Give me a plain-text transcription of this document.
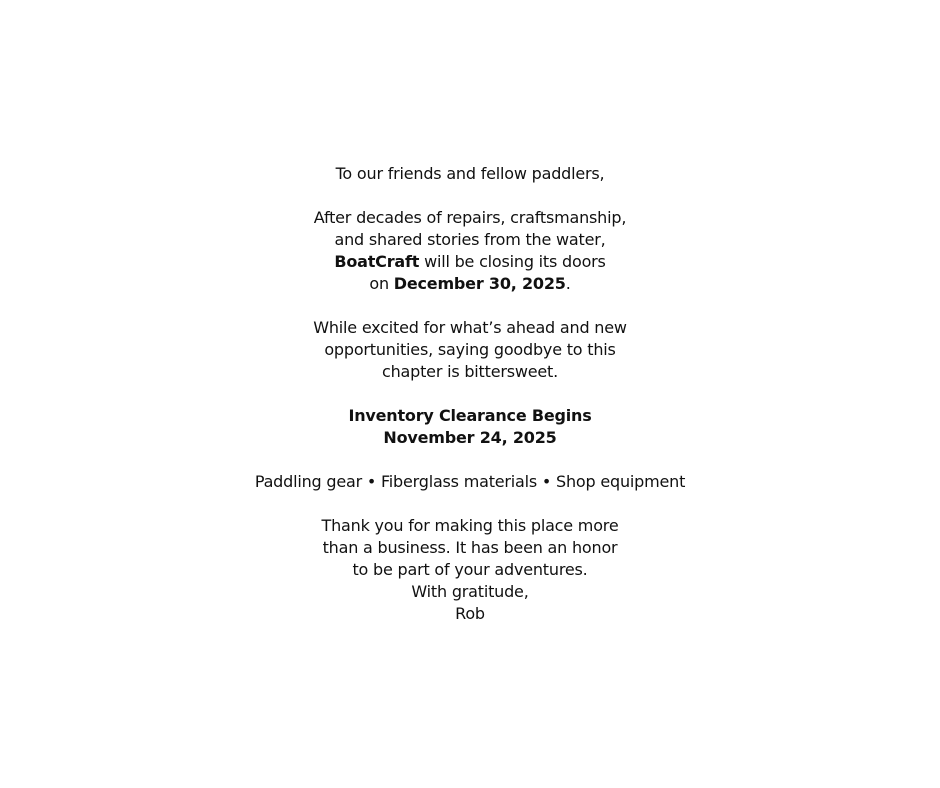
To our friends and fellow paddlers,
After decades of repairs, craftsmanship,
and shared stories from the water,
BoatCraft will be closing its doors
on December 30, 2025.
While excited for what’s ahead and new
opportunities, saying goodbye to this
chapter is bittersweet.
Inventory Clearance Begins
November 24, 2025
Paddling gear • Fiberglass materials • Shop equipment
Thank you for making this place more
than a business. It has been an honor
to be part of your adventures.
With gratitude,
Rob
